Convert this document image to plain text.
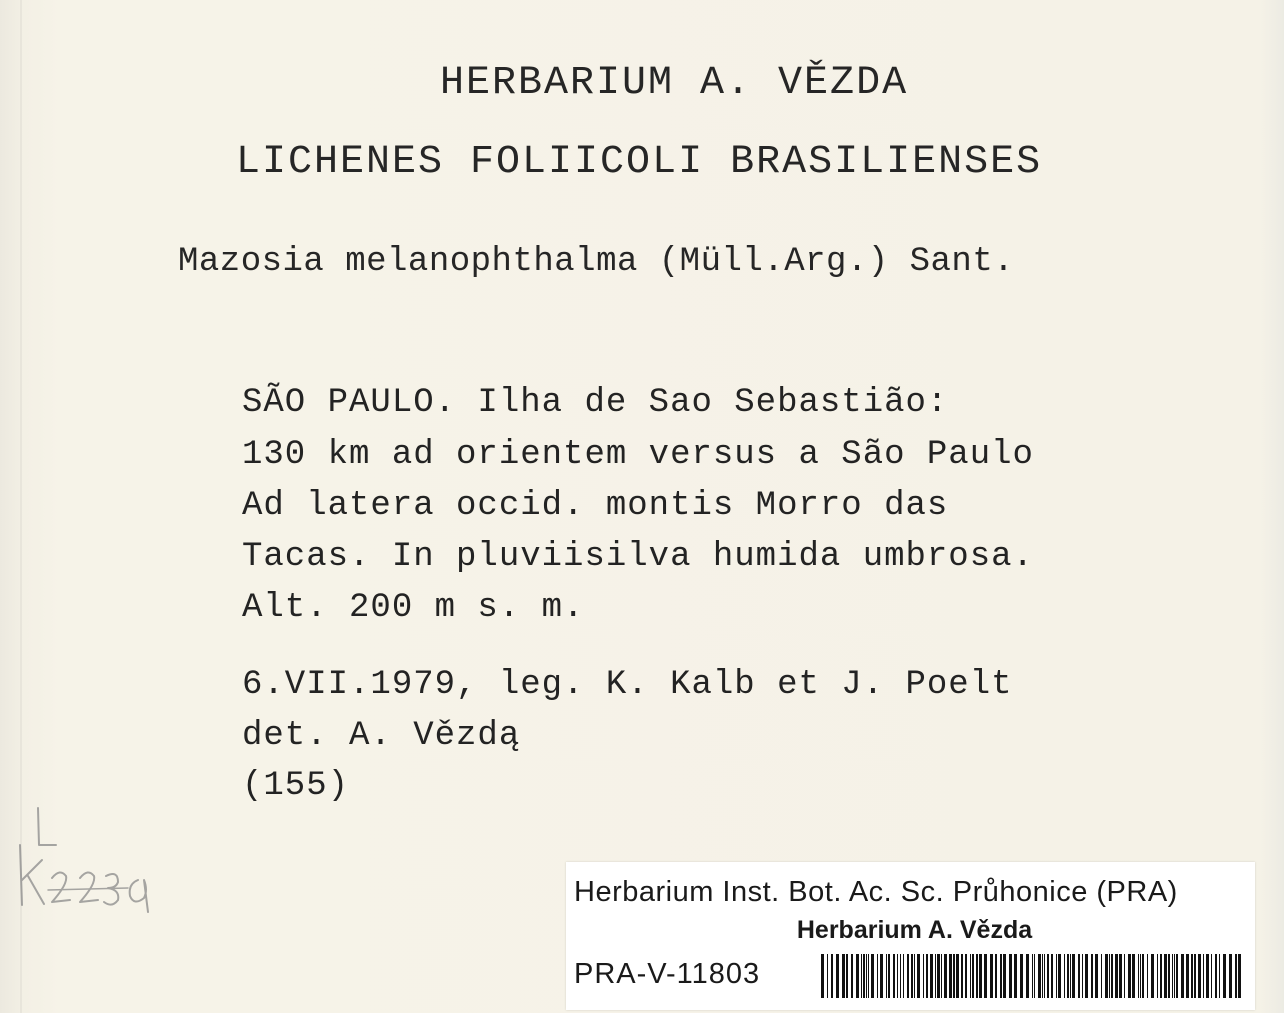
HERBARIUM A. VĚZDA
LICHENES FOLIICOLI BRASILIENSES
Mazosia melanophthalma (Müll.Arg.) Sant.
SÃO PAULO. Ilha de Sao Sebastião:
130 km ad orientem versus a São Paulo
Ad latera occid. montis Morro das
Tacas. In pluviisilva humida umbrosa.
Alt. 200 m s. m.
6.VII.1979, leg. K. Kalb et J. Poelt
det. A. Vězdą
(155)
Herbarium Inst. Bot. Ac. Sc. Průhonice (PRA)
Herbarium A. Vězda
PRA-V-11803
